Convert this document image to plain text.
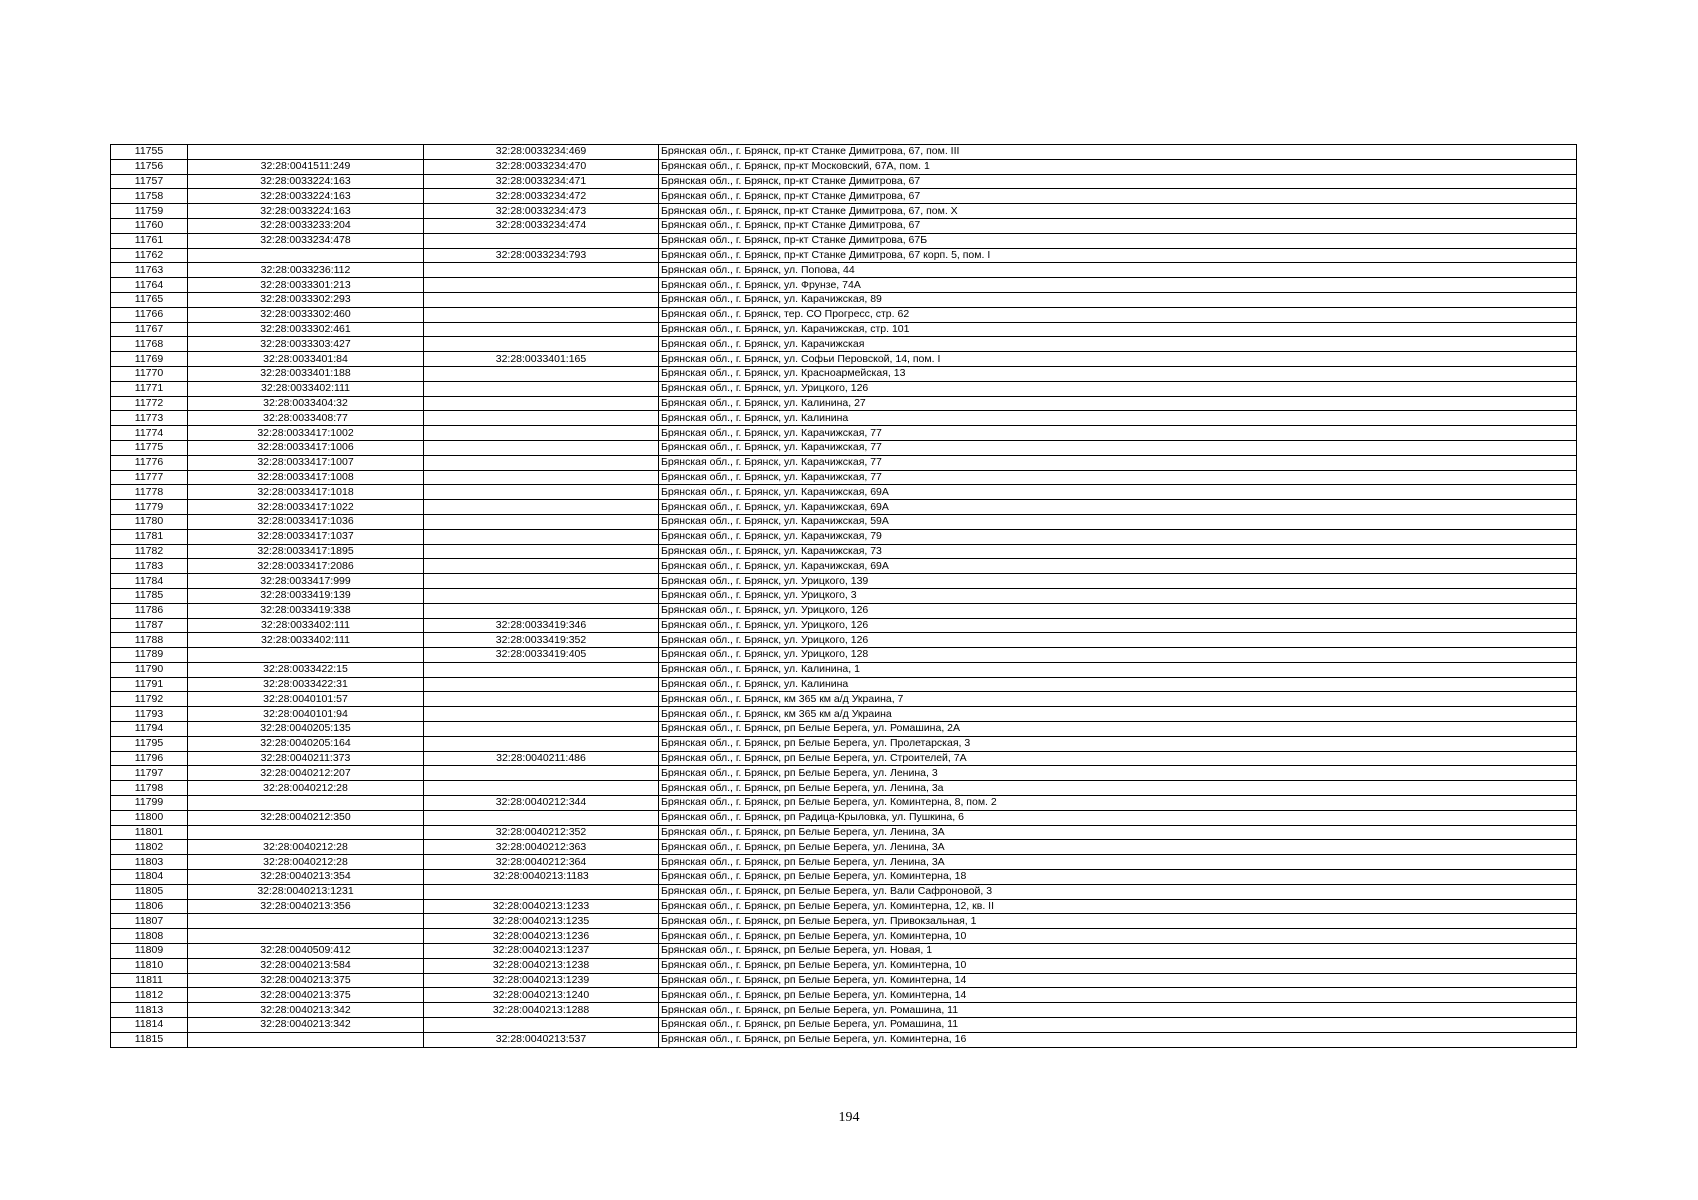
11755		32:28:0033234:469	Брянская обл., г. Брянск, пр-кт Станке Димитрова, 67, пом. III
11756	32:28:0041511:249	32:28:0033234:470	Брянская обл., г. Брянск, пр-кт Московский, 67А, пом. 1
11757	32:28:0033224:163	32:28:0033234:471	Брянская обл., г. Брянск, пр-кт Станке Димитрова, 67
11758	32:28:0033224:163	32:28:0033234:472	Брянская обл., г. Брянск, пр-кт Станке Димитрова, 67
11759	32:28:0033224:163	32:28:0033234:473	Брянская обл., г. Брянск, пр-кт Станке Димитрова, 67, пом. X
11760	32:28:0033233:204	32:28:0033234:474	Брянская обл., г. Брянск, пр-кт Станке Димитрова, 67
11761	32:28:0033234:478		Брянская обл., г. Брянск, пр-кт Станке Димитрова, 67Б
11762		32:28:0033234:793	Брянская обл., г. Брянск, пр-кт Станке Димитрова, 67 корп. 5, пом. I
11763	32:28:0033236:112		Брянская обл., г. Брянск, ул. Попова, 44
11764	32:28:0033301:213		Брянская обл., г. Брянск, ул. Фрунзе, 74А
11765	32:28:0033302:293		Брянская обл., г. Брянск, ул. Карачижская, 89
11766	32:28:0033302:460		Брянская обл., г. Брянск, тер. СО Прогресс, стр. 62
11767	32:28:0033302:461		Брянская обл., г. Брянск, ул. Карачижская, стр. 101
11768	32:28:0033303:427		Брянская обл., г. Брянск, ул. Карачижская
11769	32:28:0033401:84	32:28:0033401:165	Брянская обл., г. Брянск, ул. Софьи Перовской, 14, пом. I
11770	32:28:0033401:188		Брянская обл., г. Брянск, ул. Красноармейская, 13
11771	32:28:0033402:111		Брянская обл., г. Брянск, ул. Урицкого, 126
11772	32:28:0033404:32		Брянская обл., г. Брянск, ул. Калинина, 27
11773	32:28:0033408:77		Брянская обл., г. Брянск, ул. Калинина
11774	32:28:0033417:1002		Брянская обл., г. Брянск, ул. Карачижская, 77
11775	32:28:0033417:1006		Брянская обл., г. Брянск, ул. Карачижская, 77
11776	32:28:0033417:1007		Брянская обл., г. Брянск, ул. Карачижская, 77
11777	32:28:0033417:1008		Брянская обл., г. Брянск, ул. Карачижская, 77
11778	32:28:0033417:1018		Брянская обл., г. Брянск, ул. Карачижская, 69А
11779	32:28:0033417:1022		Брянская обл., г. Брянск, ул. Карачижская, 69А
11780	32:28:0033417:1036		Брянская обл., г. Брянск, ул. Карачижская, 59А
11781	32:28:0033417:1037		Брянская обл., г. Брянск, ул. Карачижская, 79
11782	32:28:0033417:1895		Брянская обл., г. Брянск, ул. Карачижская, 73
11783	32:28:0033417:2086		Брянская обл., г. Брянск, ул. Карачижская, 69А
11784	32:28:0033417:999		Брянская обл., г. Брянск, ул. Урицкого, 139
11785	32:28:0033419:139		Брянская обл., г. Брянск, ул. Урицкого, 3
11786	32:28:0033419:338		Брянская обл., г. Брянск, ул. Урицкого, 126
11787	32:28:0033402:111	32:28:0033419:346	Брянская обл., г. Брянск, ул. Урицкого, 126
11788	32:28:0033402:111	32:28:0033419:352	Брянская обл., г. Брянск, ул. Урицкого, 126
11789		32:28:0033419:405	Брянская обл., г. Брянск, ул. Урицкого, 128
11790	32:28:0033422:15		Брянская обл., г. Брянск, ул. Калинина, 1
11791	32:28:0033422:31		Брянская обл., г. Брянск, ул. Калинина
11792	32:28:0040101:57		Брянская обл., г. Брянск, км 365 км а/д Украина, 7
11793	32:28:0040101:94		Брянская обл., г. Брянск, км 365 км а/д Украина
11794	32:28:0040205:135		Брянская обл., г. Брянск, рп Белые Берега, ул. Ромашина, 2А
11795	32:28:0040205:164		Брянская обл., г. Брянск, рп Белые Берега, ул. Пролетарская, 3
11796	32:28:0040211:373	32:28:0040211:486	Брянская обл., г. Брянск, рп Белые Берега, ул. Строителей, 7А
11797	32:28:0040212:207		Брянская обл., г. Брянск, рп Белые Берега, ул. Ленина, 3
11798	32:28:0040212:28		Брянская обл., г. Брянск, рп Белые Берега, ул. Ленина, 3а
11799		32:28:0040212:344	Брянская обл., г. Брянск, рп Белые Берега, ул. Коминтерна, 8, пом. 2
11800	32:28:0040212:350		Брянская обл., г. Брянск, рп Радица-Крыловка, ул. Пушкина, 6
11801		32:28:0040212:352	Брянская обл., г. Брянск, рп Белые Берега, ул. Ленина, 3А
11802	32:28:0040212:28	32:28:0040212:363	Брянская обл., г. Брянск, рп Белые Берега, ул. Ленина, 3А
11803	32:28:0040212:28	32:28:0040212:364	Брянская обл., г. Брянск, рп Белые Берега, ул. Ленина, 3А
11804	32:28:0040213:354	32:28:0040213:1183	Брянская обл., г. Брянск, рп Белые Берега, ул. Коминтерна, 18
11805	32:28:0040213:1231		Брянская обл., г. Брянск, рп Белые Берега, ул. Вали Сафроновой, 3
11806	32:28:0040213:356	32:28:0040213:1233	Брянская обл., г. Брянск, рп Белые Берега, ул. Коминтерна, 12, кв. II
11807		32:28:0040213:1235	Брянская обл., г. Брянск, рп Белые Берега, ул. Привокзальная, 1
11808		32:28:0040213:1236	Брянская обл., г. Брянск, рп Белые Берега, ул. Коминтерна, 10
11809	32:28:0040509:412	32:28:0040213:1237	Брянская обл., г. Брянск, рп Белые Берега, ул. Новая, 1
11810	32:28:0040213:584	32:28:0040213:1238	Брянская обл., г. Брянск, рп Белые Берега, ул. Коминтерна, 10
11811	32:28:0040213:375	32:28:0040213:1239	Брянская обл., г. Брянск, рп Белые Берега, ул. Коминтерна, 14
11812	32:28:0040213:375	32:28:0040213:1240	Брянская обл., г. Брянск, рп Белые Берега, ул. Коминтерна, 14
11813	32:28:0040213:342	32:28:0040213:1288	Брянская обл., г. Брянск, рп Белые Берега, ул. Ромашина, 11
11814	32:28:0040213:342		Брянская обл., г. Брянск, рп Белые Берега, ул. Ромашина, 11
11815		32:28:0040213:537	Брянская обл., г. Брянск, рп Белые Берега, ул. Коминтерна, 16
194
